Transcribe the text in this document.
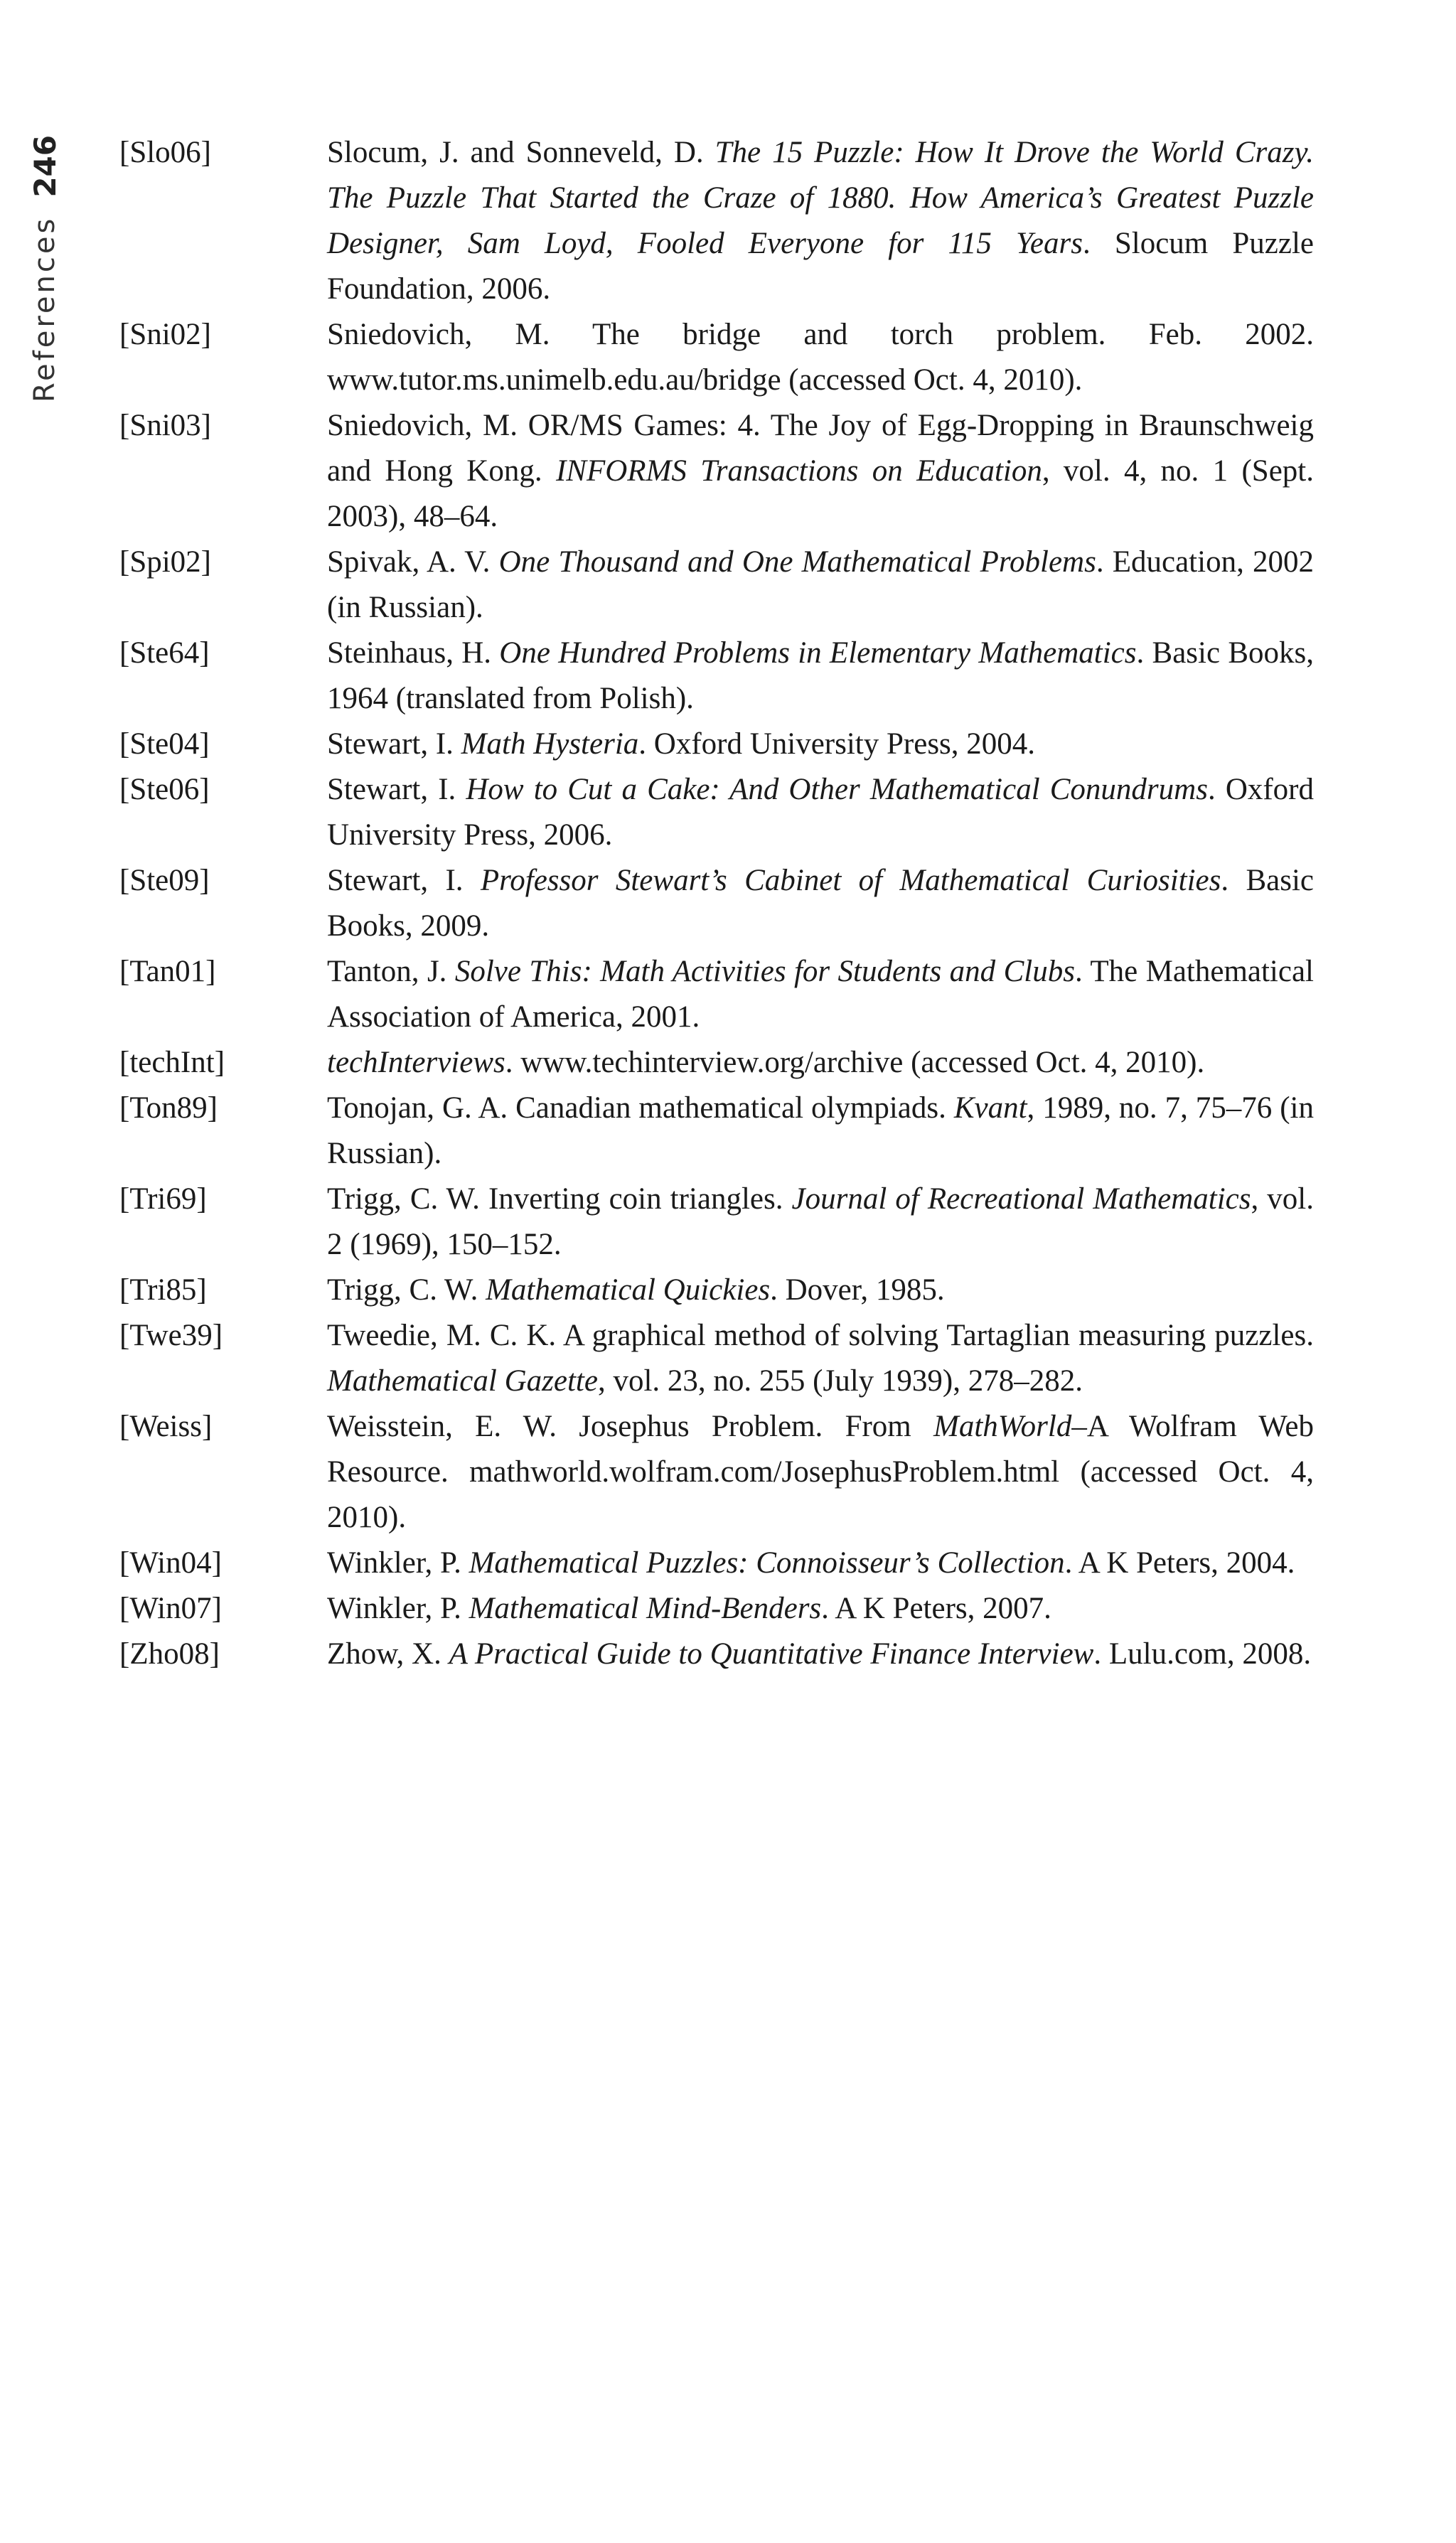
References
246 [Slo06]	Slocum, J. and Sonneveld, D. The 15 Puzzle: How It Drove the World Crazy. The Puzzle That Started the Craze of 1880. How America’s Greatest Puzzle Designer, Sam Loyd, Fooled Everyone for 115 Years. Slocum Puzzle Foundation, 2006.
[Sni02]	Sniedovich, M. The bridge and torch problem. Feb. 2002. www.tutor.ms.unimelb.edu.au/bridge (accessed Oct. 4, 2010).
[Sni03]	Sniedovich, M. OR/MS Games: 4. The Joy of Egg-Dropping in Braunschweig and Hong Kong. INFORMS Transactions on Education, vol. 4, no. 1 (Sept. 2003), 48–64.
[Spi02]	Spivak, A. V. One Thousand and One Mathematical Problems. Education, 2002 (in Russian).
[Ste64]	Steinhaus, H. One Hundred Problems in Elementary Mathematics. Basic Books, 1964 (translated from Polish).
[Ste04]	Stewart, I. Math Hysteria. Oxford University Press, 2004.
[Ste06]	Stewart, I. How to Cut a Cake: And Other Mathematical Conundrums. Oxford University Press, 2006.
[Ste09]	Stewart, I. Professor Stewart’s Cabinet of Mathematical Curiosities. Basic Books, 2009.
[Tan01]	Tanton, J. Solve This: Math Activities for Students and Clubs. The Mathematical Association of America, 2001.
[techInt]	techInterviews. www.techinterview.org/archive (accessed Oct. 4, 2010).
[Ton89]	Tonojan, G. A. Canadian mathematical olympiads. Kvant, 1989, no. 7, 75–76 (in Russian).
[Tri69]	Trigg, C. W. Inverting coin triangles. Journal of Recreational Mathematics, vol. 2 (1969), 150–152.
[Tri85]	Trigg, C. W. Mathematical Quickies. Dover, 1985.
[Twe39]	Tweedie, M. C. K. A graphical method of solving Tartaglian measuring puzzles. Mathematical Gazette, vol. 23, no. 255 (July 1939), 278–282.
[Weiss]	Weisstein, E. W. Josephus Problem. From MathWorld–A Wolfram Web Resource. mathworld.wolfram.com/JosephusProblem.html (accessed Oct. 4, 2010).
[Win04]	Winkler, P. Mathematical Puzzles: Connoisseur’s Collection. A K Peters, 2004.
[Win07]	Winkler, P. Mathematical Mind-Benders. A K Peters, 2007.
[Zho08]	Zhow, X. A Practical Guide to Quantitative Finance Interview. Lulu.com, 2008.
